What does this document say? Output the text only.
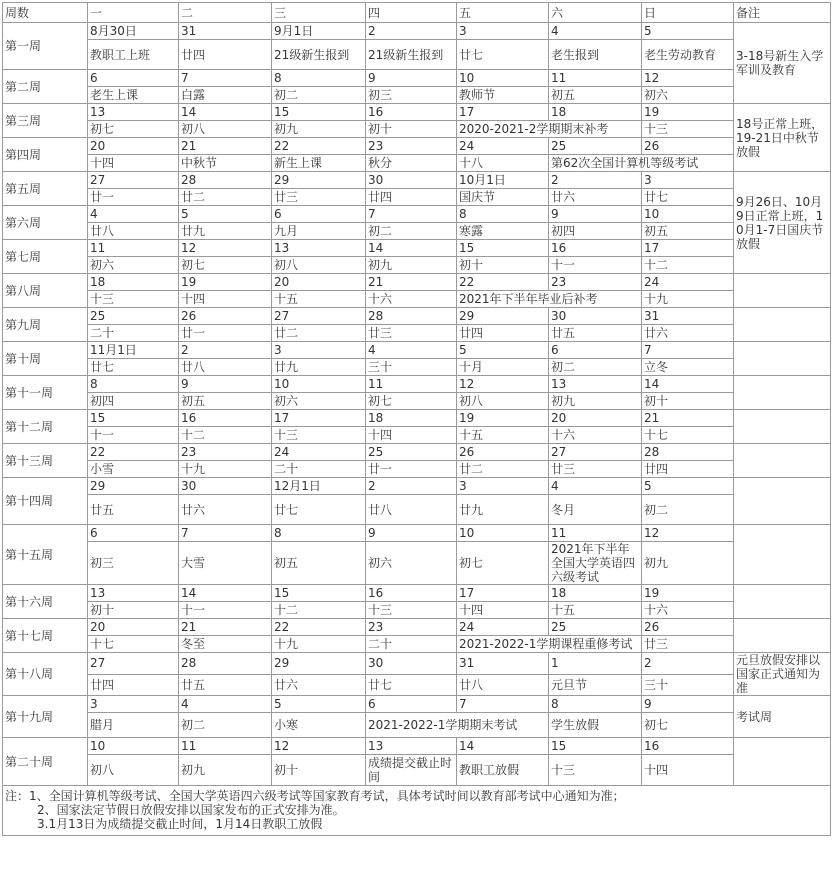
周数	一	二	三	四	五	六	日	备注
第一周	8月30日	31	9月1日	2	3	4	5	3-18号新生入学军训及教育
	教职工上班	廿四	21级新生报到	21级新生报到	廿七	老生报到	老生劳动教育	
第二周	6	7	8	9	10	11	12	
	老生上课	白露	初二	初三	教师节	初五	初六	
第三周	13	14	15	16	17	18	19	18号正常上班，19-21日中秋节放假
	初七	初八	初九	初十	2020-2021-2学期期末补考		十三	
第四周	20	21	22	23	24	25	26	
	十四	中秋节	新生上课	秋分	十八	第62次全国计算机等级考试		
第五周	27	28	29	30	10月1日	2	3	9月26日、10月9日正常上班，10月1-7日国庆节放假
	廿一	廿二	廿三	廿四	国庆节	廿六	廿七	
第六周	4	5	6	7	8	9	10	
	廿八	廿九	九月	初二	寒露	初四	初五	
第七周	11	12	13	14	15	16	17	
	初六	初七	初八	初九	初十	十一	十二	
第八周	18	19	20	21	22	23	24	
	十三	十四	十五	十六	2021年下半年毕业后补考		十九	
第九周	25	26	27	28	29	30	31	
	二十	廿一	廿二	廿三	廿四	廿五	廿六	
第十周	11月1日	2	3	4	5	6	7	
	廿七	廿八	廿九	三十	十月	初二	立冬	
第十一周	8	9	10	11	12	13	14	
	初四	初五	初六	初七	初八	初九	初十	
第十二周	15	16	17	18	19	20	21	
	十一	十二	十三	十四	十五	十六	十七	
第十三周	22	23	24	25	26	27	28	
	小雪	十九	二十	廿一	廿二	廿三	廿四	
第十四周	29	30	12月1日	2	3	4	5	
	廿五	廿六	廿七	廿八	廿九	冬月	初二	
第十五周	6	7	8	9	10	11	12	
	初三	大雪	初五	初六	初七	2021年下半年全国大学英语四六级考试	初九	
第十六周	13	14	15	16	17	18	19	
	初十	十一	十二	十三	十四	十五	十六	
第十七周	20	21	22	23	24	25	26	
	十七	冬至	十九	二十	2021-2022-1学期课程重修考试		廿三	
第十八周	27	28	29	30	31	1	2	元旦放假安排以国家正式通知为准
	廿四	廿五	廿六	廿七	廿八	元旦节	三十	
第十九周	3	4	5	6	7	8	9	考试周
	腊月	初二	小寒	2021-2022-1学期期末考试		学生放假	初七	
第二十周	10	11	12	13	14	15	16	
	初八	初九	初十	成绩提交截止时间	教职工放假	十三	十四	

注：1、全国计算机等级考试、全国大学英语四六级考试等国家教育考试，具体考试时间以教育部考试中心通知为准；
2、国家法定节假日放假安排以国家发布的正式安排为准。
3.1月13日为成绩提交截止时间，1月14日教职工放假								
